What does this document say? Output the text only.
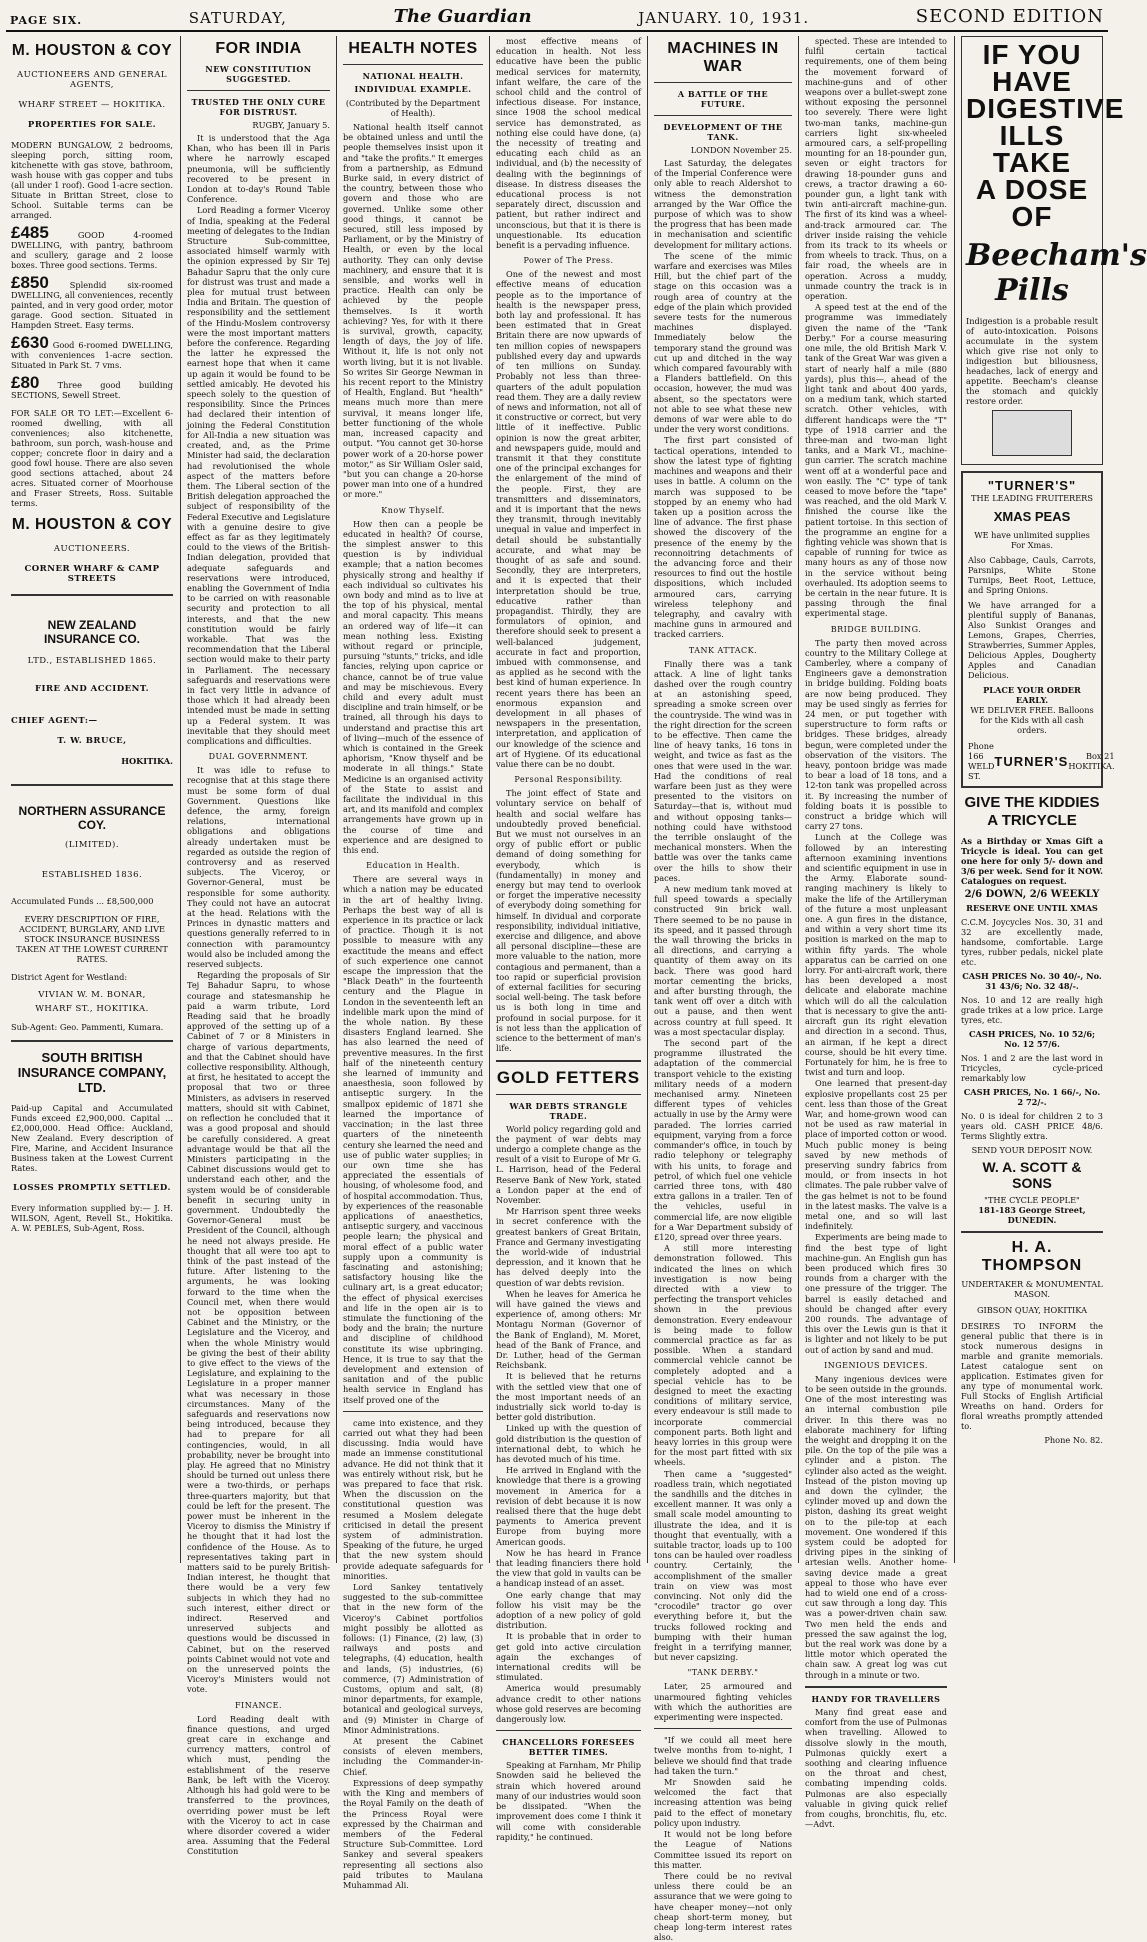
PAGE SIX.	SATURDAY,	The Guardian	JANUARY. 10, 1931.	SECOND EDITION
M. HOUSTON & COY
AUCTIONEERS AND GENERAL AGENTS,
WHARF STREET — HOKITIKA.
PROPERTIES FOR SALE.
MODERN BUNGALOW, 2 bedrooms, sleeping porch, sitting room, kitchenette with gas stove, bathroom, wash house with gas copper and tubs (all under 1 roof). Good 1-acre section. Situate in Brittan Street, close to School. Suitable terms can be arranged.
£485	GOOD 4-roomed DWELLING, with pantry, bathroom and scullery, garage and 2 loose boxes. Three good sections. Terms.
£850	Splendid six-roomed DWELLING, all conveniences, recently painted, and in very good order, motor garage. Good section. Situated in Hampden Street. Easy terms.
£630 Good 6-roomed DWELLING, with conveniences 1-acre section. Situated in Park St. 7 vms.
£80 Three good building SECTIONS, Sewell Street.
FOR SALE OR TO LET:—Excellent 6-roomed dwelling, with all conveniences; also kitchenette, bathroom, sun porch, wash-house and copper; concrete floor in dairy and a good fowl house. There are also seven good sections attached, about 24 acres. Situated corner of Moorhouse and Fraser Streets, Ross. Suitable terms.
M. HOUSTON & COY
AUCTIONEERS.
CORNER WHARF & CAMP STREETS
NEW ZEALAND INSURANCE CO.
LTD., ESTABLISHED 1865.
FIRE AND ACCIDENT.
CHIEF AGENT:—
T. W. BRUCE,
HOKITIKA.
NORTHERN ASSURANCE COY.
(LIMITED).
ESTABLISHED 1836.
Accumulated Funds ... £8,500,000
EVERY DESCRIPTION OF FIRE, ACCIDENT, BURGLARY, AND LIVE STOCK INSURANCE BUSINESS TAKEN AT THE LOWEST CURRENT RATES.
District Agent for Westland:
VIVIAN W. M. BONAR,
WHARF ST., HOKITIKA.
Sub-Agent: Geo. Pammenti, Kumara.
SOUTH BRITISH INSURANCE COMPANY, LTD.
Paid-up Capital and Accumulated Funds exceed £2,900,000. Capital ... £2,000,000. Head Office: Auckland, New Zealand. Every description of Fire, Marine, and Accident Insurance Business taken at the Lowest Current Rates.
LOSSES PROMPTLY SETTLED.
Every information supplied by:— J. H. WILSON, Agent, Revell St., Hokitika. A. W. PEBLES, Sub-Agent, Ross.
FOR INDIA
NEW CONSTITUTION SUGGESTED.
TRUSTED THE ONLY CURE FOR DISTRUST.
RUGBY, January 5.

It is understood that the Aga Khan, who has been ill in Paris where he narrowly escaped pneumonia, will be sufficiently recovered to be present in London at to-day's Round Table Conference.

Lord Reading a former Viceroy of India, speaking at the Federal meeting of delegates to the Indian Structure Sub-committee, associated himself warmly with the opinion expressed by Sir Tej Bahadur Sapru that the only cure for distrust was trust and made a plea for mutual trust between India and Britain. The question of responsibility and the settlement of the Hindu-Moslem controversy were the most important matters before the conference. Regarding the latter he expressed the earnest hope that when it came up again it would be found to be settled amicably. He devoted his speech solely to the question of responsibility. Since the Princes had declared their intention of joining the Federal Constitution for All-India a new situation was created, and, as the Prime Minister had said, the declaration had revolutionised the whole aspect of the matters before them. The Liberal section of the British delegation approached the subject of responsibility of the Federal Executive and Legislature with a genuine desire to give effect as far as they legitimately could to the views of the British-Indian delegation, provided that adequate safeguards and reservations were introduced, enabling the Government of India to be carried on with reasonable security and protection to all interests, and that the new constitution would be fairly workable. That was the recommendation that the Liberal section would make to their party in Parliament. The necessary safeguards and reservations were in fact very little in advance of those which it had already been intended must be made in setting up a Federal system. It was inevitable that they should meet complications and difficulties.

DUAL GOVERNMENT.

It was idle to refuse to recognise that at this stage there must be some form of dual Government. Questions like defence, the army, foreign relations, international obligations and obligations already undertaken must be regarded as outside the region of controversy and as reserved subjects. The Viceroy, or Governor-General, must be responsible for some authority. They could not have an autocrat at the head. Relations with the Princes in dynastic matters and questions generally referred to in connection with paramountcy would also be included among the reserved subjects.

Regarding the proposals of Sir Tej Bahadur Sapru, to whose courage and statesmanship he paid a warm tribute, Lord Reading said that he broadly approved of the setting up of a Cabinet of 7 or 8 Ministers in charge of various departments, and that the Cabinet should have collective responsibility. Although, at first, he hesitated to accept the proposal that two or three Ministers, as advisers in reserved matters, should sit with Cabinet, on reflection he concluded that it was a good proposal and should be carefully considered. A great advantage would be that all the Ministers participating in the Cabinet discussions would get to understand each other, and the system would be of considerable benefit in securing unity in government. Undoubtedly the Governor-General must be President of the Council, although he need not always preside. He thought that all were too apt to think of the past instead of the future. After listening to the arguments, he was looking forward to the time when the Council met, when there would not be opposition between Cabinet and the Ministry, or the Legislature and the Viceroy, and when the whole Ministry would be giving the best of their ability to give effect to the views of the Legislature, and explaining to the Legislature in a proper manner what was necessary in those circumstances. Many of the safeguards and reservations now being introduced, because they had to prepare for all contingencies, would, in all probability, never be brought into play. He agreed that no Ministry should be turned out unless there were a two-thirds, or perhaps three-quarters majority, but that could be left for the present. The power must be inherent in the Viceroy to dismiss the Ministry if he thought that it had lost the confidence of the House. As to representatives taking part in matters said to be purely British-Indian interest, he thought that there would be a very few subjects in which they had no such interest, either direct or indirect. Reserved and unreserved subjects and questions would be discussed in Cabinet, but on the reserved points Cabinet would not vote and on the unreserved points the Viceroy's Ministers would not vote.

FINANCE.

Lord Reading dealt with finance questions, and urged great care in exchange and currency matters, control of which must, pending the establishment of the reserve Bank, be left with the Viceroy. Although his had gold were to be transferred to the provinces, overriding power must be left with the Viceroy to act in case where disorder covered a wider area. Assuming that the Federal Constitution

HEALTH NOTES
NATIONAL HEALTH.
INDIVIDUAL EXAMPLE.
(Contributed by the Department of Health).

National health itself cannot be obtained unless and until the people themselves insist upon it and "take the profits." It emerges from a partnership, as Edmund Burke said, in every district of the country, between those who govern and those who are governed. Unlike some other good things, it cannot be secured, still less imposed by Parliament, or by the Ministry of Health, or even by the local authority. They can only devise machinery, and ensure that it is sensible, and works well in practice. Health can only be achieved by the people themselves. Is it worth achieving? Yes, for with it there is survival, growth, capacity, length of days, the joy of life. Without it, life is not only not worth living, but it is not livable. So writes Sir George Newman in his recent report to the Ministry of Health, England. But "health" means much more than mere survival, it means longer life, better functioning of the whole man, increased capacity and output. "You cannot get 30-horse power work of a 20-horse power motor," as Sir William Osler said, "but you can change a 20-horse power man into one of a hundred or more."

Know Thyself.

How then can a people be educated in health? Of course, the simplest answer to this question is by individual example; that a nation becomes physically strong and healthy if each individual so cultivates his own body and mind as to live at the top of his physical, mental and moral capacity. This means an ordered way of life—it can mean nothing less. Existing without regard or principle, pursuing "stunts," tricks, and idle fancies, relying upon caprice or chance, cannot be of true value and may be mischievous. Every child and every adult must discipline and train himself, or be trained, all through his days to understand and practise this art of living—much of the essence of which is contained in the Greek aphorism, "Know thyself and be moderate in all things." State Medicine is an organised activity of the State to assist and facilitate the individual in this art, and its manifold and complex arrangements have grown up in the course of time and experience and are designed to this end.

Education in Health.

There are several ways in which a nation may be educated in the art of healthy living. Perhaps the best way of all is experience in its practice or lack of practice. Though it is not possible to measure with any exactitude the means and effect of such experience one cannot escape the impression that the "Black Death" in the fourteenth century and the Plague in London in the seventeenth left an indelible mark upon the mind of the whole nation. By these disasters England learned. She has also learned the need of preventive measures. In the first half of the nineteenth century she learned of immunity and anaesthesia, soon followed by antiseptic surgery. In the smallpox epidemic of 1871 she learned the importance of vaccination; in the last three quarters of the nineteenth century she learned the need and use of public water supplies; in our own time she has appreciated the essentials of housing, of wholesome food, and of hospital accommodation. Thus, by experiences of the reasonable applications of anaesthetics, antiseptic surgery, and vaccinous people learn; the physical and moral effect of a public water supply upon a community is fascinating and astonishing; satisfactory housing like the culinary art, is a great educator; the effect of physical exercises and life in the open air is to stimulate the functioning of the body and the brain; the nurture and discipline of childhood constitute its wise upbringing. Hence, it is true to say that the development and extension of sanitation and of the public health service in England has itself proved one of the

came into existence, and they carried out what they had been discussing. India would have made an immense constitutional advance. He did not think that it was entirely without risk, but he was prepared to face that risk. When the discussion on the constitutional question was resumed a Moslem delegate criticised in detail the present system of administration. Speaking of the future, he urged that the new system should provide adequate safeguards for minorities.

Lord Sankey tentatively suggested to the sub-committee that in the new form of the Viceroy's Cabinet portfolios might possibly be allotted as follows: (1) Finance, (2) law, (3) railways and posts and telegraphs, (4) education, health and lands, (5) industries, (6) commerce, (7) Administration of Customs, opium and salt, (8) minor departments, for example, botanical and geological surveys, and (9) Minister in Charge of Minor Administrations.

At present the Cabinet consists of eleven members, including the Commander-in-Chief.

Expressions of deep sympathy with the King and members of the Royal Family on the death of the Princess Royal were expressed by the Chairman and members of the Federal Structure Sub-Committee. Lord Sankey and several speakers representing all sections also paid tributes to Maulana Muhammad Ali.

most effective means of education in health. Not less educative have been the public medical services for maternity, infant welfare, the care of the school child and the control of infectious disease. For instance, since 1908 the school medical service has demonstrated, as nothing else could have done, (a) the necessity of treating and educating each child as an individual, and (b) the necessity of dealing with the beginnings of disease. In distress diseases the educational process is not separately direct, discussion and patient, but rather indirect and unconscious, but that it is there is unquestionable. Its education benefit is a pervading influence.

Power of The Press.

One of the newest and most effective means of education people as to the importance of health is the newspaper press, both lay and professional. It has been estimated that in Great Britain there are now upwards of ten million copies of newspapers published every day and upwards of ten millions on Sunday. Probably not less than three-quarters of the adult population read them. They are a daily review of news and information, not all of it constructive or correct, but very little of it ineffective. Public opinion is now the great arbiter, and newspapers guide, mould and transmit it that they constitute one of the principal exchanges for the enlargement of the mind of the people. First, they are transmitters and disseminators, and it is important that the news they transmit, through inevitably unequal in value and imperfect in detail should be substantially accurate, and what may be thought of as safe and sound. Secondly, they are interpreters, and it is expected that their interpretation should be true, educative rather than propagandist. Thirdly, they are formulators of opinion, and therefore should seek to present a well-balanced judgement, accurate in fact and proportion, imbued with commonsense, and as applied as he second with the best kind of human experience. In recent years there has been an enormous expansion and development in all phases of newspapers in the presentation, interpretation, and application of our knowledge of the science and art of Hygiene. Of its educational value there can be no doubt.

Personal Responsibility.

The joint effect of State and voluntary service on behalf of health and social welfare has undoubtedly proved beneficial. But we must not ourselves in an orgy of public effort or public demand of doing something for everybody, which is (fundamentally) in money and energy but may tend to overlook or forget the imperative necessity of everybody doing something for himself. In dividual and corporate responsibility, individual initiative, exercise and diligence, and above all personal discipline—these are more valuable to the nation, more contagious and permanent, than a too rapid or superficial provision of external facilities for securing social well-being. The task before us is both long in time and profound in social purpose. for it is not less than the application of science to the betterment of man's life.

GOLD FETTERS
WAR DEBTS STRANGLE TRADE.

World policy regarding gold and the payment of war debts may undergo a complete change as the result of a visit to Europe of Mr G. L. Harrison, head of the Federal Reserve Bank of New York, stated a London paper at the end of November.

Mr Harrison spent three weeks in secret conference with the greatest bankers of Great Britain, France and Germany investigating the world-wide of industrial depression, and it known that he has delved deeply into the question of war debts revision.

When he leaves for America he will have gained the views and experience of, among others: Mr Montagu Norman (Governor of the Bank of England), M. Moret, head of the Bank of France, and Dr. Luther, head of the German Reichsbank.

It is believed that he returns with the settled view that one of the most important needs of an industrially sick world to-day is better gold distribution.

Linked up with the question of gold distribution is the question of international debt, to which he has devoted much of his time.

He arrived in England with the knowledge that there is a growing movement in America for a revision of debt because it is now realised there that the huge debt payments to America prevent Europe from buying more American goods.

Now he has heard in France that leading financiers there hold the view that gold in vaults can be a handicap instead of an asset.

One early change that may follow his visit may be the adoption of a new policy of gold distribution.

It is probable that in order to get gold into active circulation again the exchanges of international credits will be stimulated.

America would presumably advance credit to other nations whose gold reserves are becoming dangerously low.

CHANCELLORS FORESEES BETTER TIMES.

Speaking at Farnham, Mr Philip Snowden said he believed the strain which hovered around many of our industries would soon be dissipated. "When the improvement does come I think it will come with considerable rapidity," he continued.

MACHINES IN WAR
A BATTLE OF THE FUTURE.
DEVELOPMENT OF THE TANK.
LONDON November 25.

Last Saturday, the delegates of the Imperial Conference were only able to reach Aldershot to witness the demonstration arranged by the War Office the purpose of which was to show the progress that has been made in mechanisation and scientific development for military actions.

The scene of the mimic warfare and exercises was Miles Hill, but the chief part of the stage on this occasion was a rough area of country at the edge of the plain which provided severe tests for the numerous machines displayed. Immediately below the temporary stand the ground was cut up and ditched in the way which compared favourably with a Flanders battlefield. On this occasion, however, the mud was absent, so the spectators were not able to see what these new demons of war were able to do under the very worst conditions.

The first part consisted of tactical operations, intended to show the latest type of fighting machines and weapons and their uses in battle. A column on the march was supposed to be stopped by an enemy who had taken up a position across the line of advance. The first phase showed the discovery of the presence of the enemy by the reconnoitring detachments of the advancing force and their resources to find out the hostile dispositions, which included armoured cars, carrying wireless telephony and telegraphy, and cavalry with machine guns in armoured and tracked carriers.

TANK ATTACK.

Finally there was a tank attack. A line of light tanks dashed over the rough country at an astonishing speed, spreading a smoke screen over the countryside. The wind was in the right direction for the screen to be effective. Then came the line of heavy tanks, 16 tons in weight, and twice as fast as the ones that were used in the war. Had the conditions of real warfare been just as they were presented to the visitors on Saturday—that is, without mud and without opposing tanks—nothing could have withstood the terrible onslaught of the mechanical monsters. When the battle was over the tanks came over the hills to show their paces.

A new medium tank moved at full speed towards a specially constructed 9in brick wall. There seemed to be no pause in its speed, and it passed through the wall throwing the bricks in all directions, and carrying a quantity of them away on its back. There was good hard mortar cementing the bricks, and after bursting through, the tank went off over a ditch with out a pause, and then went across country at full speed. It was a most spectacular display.

The second part of the programme illustrated the adaptation of the commercial transport vehicle to the existing military needs of a modern mechanised army. Nineteen different types of vehicles actually in use by the Army were paraded. The lorries carried equipment, varying from a force commander's office, in touch by radio telephony or telegraphy with his units, to forage and petrol, of which fuel one vehicle carried three tons, with 480 extra gallons in a trailer. Ten of the vehicles, useful in commercial life, are now eligible for a War Department subsidy of £120, spread over three years.

A still more interesting demonstration followed. This indicated the lines on which investigation is now being directed with a view to perfecting the transport vehicles shown in the previous demonstration. Every endeavour is being made to follow commercial practice as far as possible. When a standard commercial vehicle cannot be completely adopted and a special vehicle has to be designed to meet the exacting conditions of military service, every endeavour is still made to incorporate commercial component parts. Both light and heavy lorries in this group were for the most part fitted with six wheels.

Then came a "suggested" roadless train, which negotiated the sandhills and the ditches in excellent manner. It was only a small scale model amounting to illustrate the idea, and it is thought that eventually, with a suitable tractor, loads up to 100 tons can be hauled over roadless country. Certainly, the accomplishment of the smaller train on view was most convincing. Not only did the "crocodile" tractor go over everything before it, but the trucks followed rocking and bumping with their human freight in a terrifying manner, but never capsizing.

"TANK DERBY."

Later, 25 armoured and unarmoured fighting vehicles with which the authorities are experimenting were inspected.

"If we could all meet here twelve months from to-night, I believe we should find that trade had taken the turn."

Mr Snowden said he welcomed the fact that increasing attention was being paid to the effect of monetary policy upon industry.

It would not be long before the League of Nations Committee issued its report on this matter.

There could be no revival unless there could be an assurance that we were going to have cheaper money—not only cheap short-term money, but cheap long-term interest rates also.

spected. These are intended to fulfil certain tactical requirements, one of them being the movement forward of machine-guns and of other weapons over a bullet-swept zone without exposing the personnel too severely. There were light two-man tanks, machine-gun carriers light six-wheeled armoured cars, a self-propelling mounting for an 18-pounder gun, seven or eight tractors for drawing 18-pounder guns and crews, a tractor drawing a 60-pounder gun, a light tank with twin anti-aircraft machine-gun. The first of its kind was a wheel-and-track armoured car. The driver inside raising the vehicle from its track to its wheels or from wheels to track. Thus, on a fair road, the wheels are in operation. Across a muddy, unmade country the track is in operation.

A speed test at the end of the programme was immediately given the name of the "Tank Derby." For a course measuring one mile, the old British Mark V. tank of the Great War was given a start of nearly half a mile (880 yards), plus this—, ahead of the light tank and about 400 yards, on a medium tank, which started scratch. Other vehicles, with different handicaps were the "T" type of 1918 carrier and the three-man and two-man light tanks, and a Mark VI., machine-gun carrier. The scratch machine went off at a wonderful pace and won easily. The "C" type of tank ceased to move before the "tape" was reached, and the old Mark V. finished the course like the patient tortoise. In this section of the programme an engine for a fighting vehicle was shown that is capable of running for twice as many hours as any of those now in the service without being overhauled. Its adoption seems to be certain in the near future. It is passing through the final experimental stage.

BRIDGE BUILDING.

The party then moved across country to the Military College at Camberley, where a company of Engineers gave a demonstration in bridge building. Folding boats are now being produced. They may be used singly as ferries for 24 men, or put together with superstructure to form rafts or bridges. These bridges, already begun, were completed under the observation of the visitors. The heavy, pontoon bridge was made to bear a load of 18 tons, and a 12-ton tank was propelled across it. By increasing the number of folding boats it is possible to construct a bridge which will carry 27 tons.

Lunch at the College was followed by an interesting afternoon examining inventions and scientific equipment in use in the Army. Elaborate sound-ranging machinery is likely to make the life of the Artilleryman of the future a most unpleasant one. A gun fires in the distance, and within a very short time its position is marked on the map to within fifty yards. The whole apparatus can be carried on one lorry. For anti-aircraft work, there has been developed a most delicate and elaborate machine which will do all the calculation that is necessary to give the anti-aircraft gun its right elevation and direction in a second. Thus, an airman, if he kept a direct course, should be hit every time. Fortunately for him, he is free to twist and turn and loop.

One learned that present-day explosive propellants cost 25 per cent. less than those of the Great War, and home-grown wood can not be used as raw material in place of imported cotton or wood. Much public money is being saved by new methods of preserving sundry fabrics from mould, or from insects in hot climates. The pale rubber valve of the gas helmet is not to be found in the latest masks. The valve is a metal one, and so will last indefinitely.

Experiments are being made to find the best type of light machine-gun. An English gun has been produced which fires 30 rounds from a charger with the one pressure of the trigger. The barrel is easily detached and should be changed after every 200 rounds. The advantage of this over the Lewis gun is that it is lighter and not likely to be put out of action by sand and mud.

INGENIOUS DEVICES.

Many ingenious devices were to be seen outside in the grounds. One of the most interesting was an internal combustion pile driver. In this there was no elaborate machinery for lifting the weight and dropping it on the pile. On the top of the pile was a cylinder and a piston. The cylinder also acted as the weight. Instead of the piston moving up and down the cylinder, the cylinder moved up and down the piston, dashing its great weight on to the pile-top at each movement. One wondered if this system could be adopted for driving pipes in the sinking of artesian wells. Another home-saving device made a great appeal to those who have ever had to wield one end of a cross-cut saw through a long day. This was a power-driven chain saw. Two men held the ends and pressed the saw against the log, but the real work was done by a little motor which operated the chain saw. A great log was cut through in a minute or two.

HANDY FOR TRAVELLERS

Many find great ease and comfort from the use of Pulmonas when travelling. Allowed to dissolve slowly in the mouth, Pulmonas quickly exert a soothing and clearing influence on the throat and chest, combating impending colds. Pulmonas are also especially valuable in giving quick relief from coughs, bronchitis, flu, etc.—Advt.

IF YOU
HAVE
DIGESTIVE
ILLS TAKE
A DOSE OF
Beecham's Pills
Indigestion is a probable result of auto-intoxication. Poisons accumulate in the system which give rise not only to indigestion but biliousness, headaches, lack of energy and appetite. Beecham's cleanse the stomach and quickly restore order.
"TURNER'S"
THE LEADING FRUITERERS
XMAS PEAS
WE have unlimited supplies For Xmas.
Also Cabbage, Cauls, Carrots, Parsnips, White Stone Turnips, Beet Root, Lettuce, and Spring Onions.
We have arranged for a plentiful supply of Bananas, Also Sunkist Oranges and Lemons, Grapes, Cherries, Strawberries, Summer Apples, Delicious Apples, Dougherty Apples and Canadian Delicious.
PLACE YOUR ORDER EARLY.
WE DELIVER FREE. Balloons for the Kids with all cash orders.
Phone 166
WELD ST.
TURNER'S	Box 21
HOKITIKA.
GIVE THE KIDDIES A TRICYCLE
As a Birthday or Xmas Gift a Tricycle is ideal. You can get one here for only 5/- down and 3/6 per week. Send for it NOW. Catalogues on request.
2/6 DOWN, 2/6 WEEKLY
RESERVE ONE UNTIL XMAS
C.C.M. Joycycles Nos. 30, 31 and 32 are excellently made, handsome, comfortable. Large tyres, rubber pedals, nickel plate etc.
CASH PRICES No. 30 40/-, No. 31 43/6; No. 32 48/-.
Nos. 10 and 12 are really high grade trikes at a low price. Large tyres, etc.
CASH PRICES, No. 10 52/6; No. 12 57/6.
Nos. 1 and 2 are the last word in Tricycles, cycle-priced remarkably low
CASH PRICES, No. 1 66/-, No. 2 72/-.
No. 0 is ideal for children 2 to 3 years old. CASH PRICE 48/6. Terms Slightly extra.
SEND YOUR DEPOSIT NOW.
W. A. SCOTT & SONS
"THE CYCLE PEOPLE"
181-183 George Street, DUNEDIN.
H. A. THOMPSON
UNDERTAKER & MONUMENTAL MASON.
GIBSON QUAY, HOKITIKA
DESIRES TO INFORM the general public that there is in stock numerous designs in marble and granite memorials. Latest catalogue sent on application. Estimates given for any type of monumental work. Full Stocks of English Artificial Wreaths on hand. Orders for floral wreaths promptly attended to.
Phone No. 82.
